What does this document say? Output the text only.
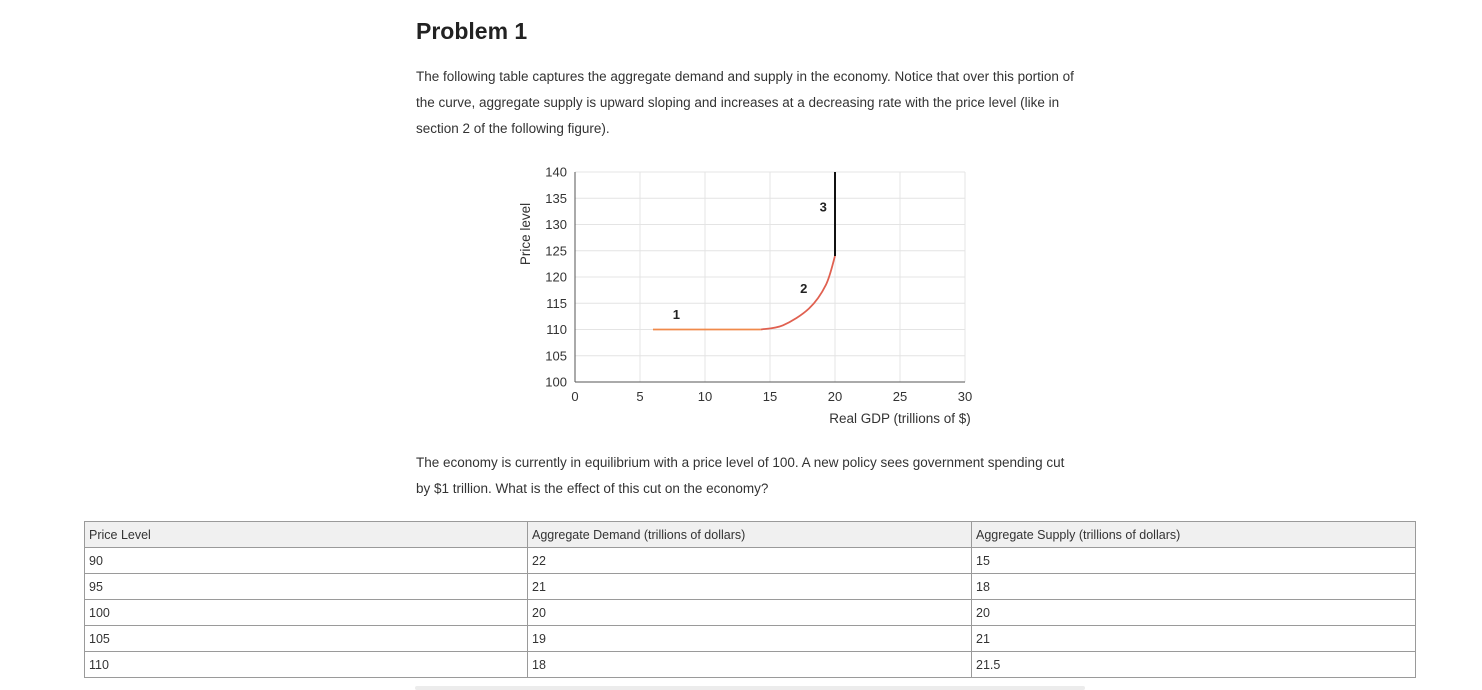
Problem 1

The following table captures the aggregate demand and supply in the economy. Notice that over this portion of the curve, aggregate supply is upward sloping and increases at a decreasing rate with the price level (like in section 2 of the following figure).

The economy is currently in equilibrium with a price level of 100. A new policy sees government spending cut by $1 trillion. What is the effect of this cut on the economy?

100
105
110
115
120
125
130
135
140
0	5	10	15	20	25	30
Real GDP (trillions of $)
Price level
1
2
3
Price Level	Aggregate Demand (trillions of dollars)	Aggregate Supply (trillions of dollars)
90	22	15
95	21	18
100	20	20
105	19	21
110	18	21.5
